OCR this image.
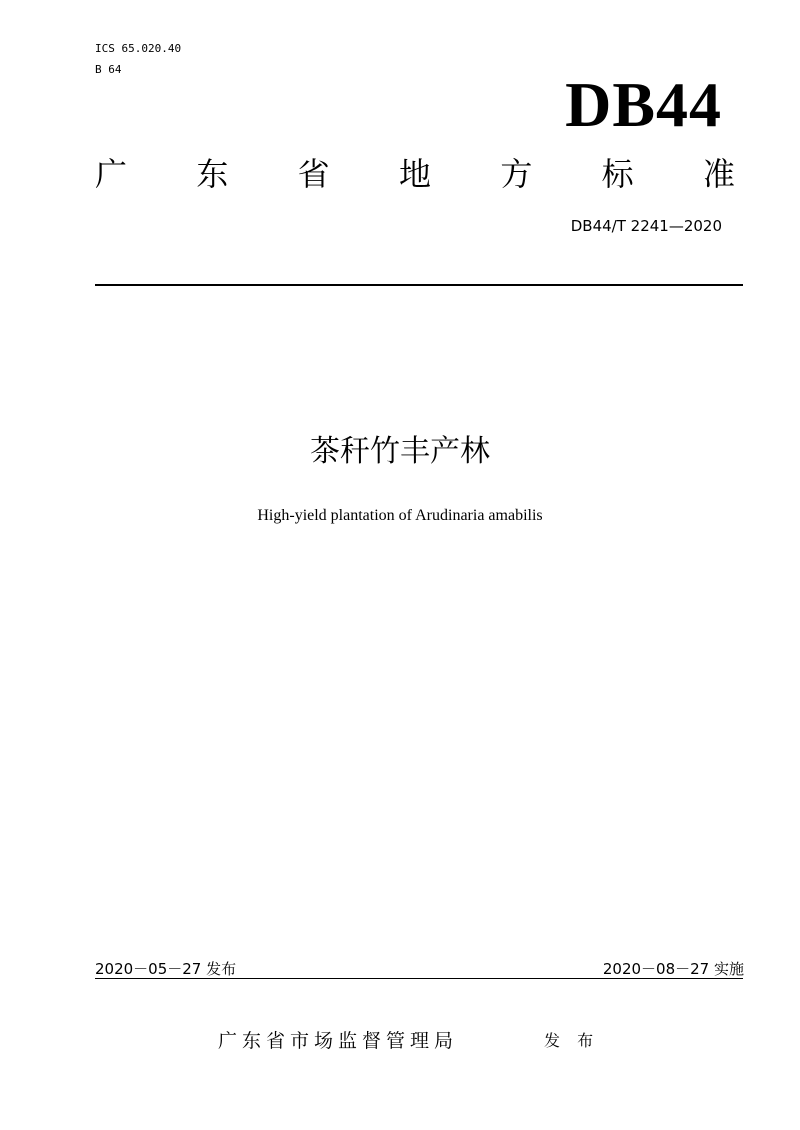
ICS 65.020.40
B 64	DB44
广 东 省 地 方 标 准
DB44/T 2241—2020
茶秆竹丰产林
High-yield plantation of Arudinaria amabilis
2020－05－27 发布	2020－08－27 实施
广东省市场监督管理局	发 布
